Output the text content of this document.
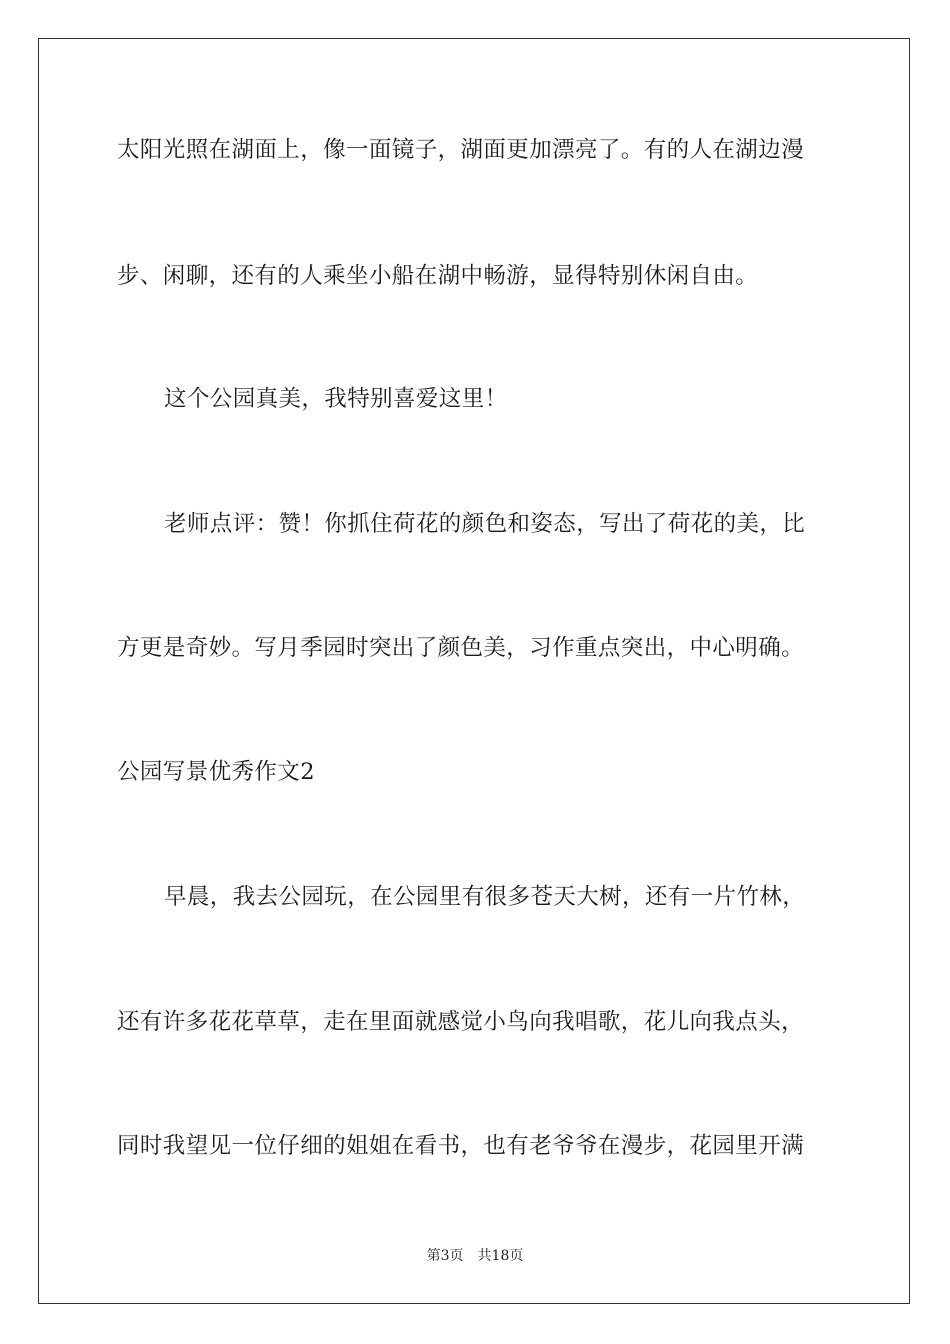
太阳光照在湖面上，像一面镜子，湖面更加漂亮了。有的人在湖边漫
步、闲聊，还有的人乘坐小船在湖中畅游，显得特别休闲自由。
这个公园真美，我特别喜爱这里！
老师点评：赞！你抓住荷花的颜色和姿态，写出了荷花的美，比
方更是奇妙。写月季园时突出了颜色美，习作重点突出，中心明确。
公园写景优秀作文2
早晨，我去公园玩，在公园里有很多苍天大树，还有一片竹林，
还有许多花花草草，走在里面就感觉小鸟向我唱歌，花儿向我点头，
同时我望见一位仔细的姐姐在看书，也有老爷爷在漫步，花园里开满
第3页 共18页
